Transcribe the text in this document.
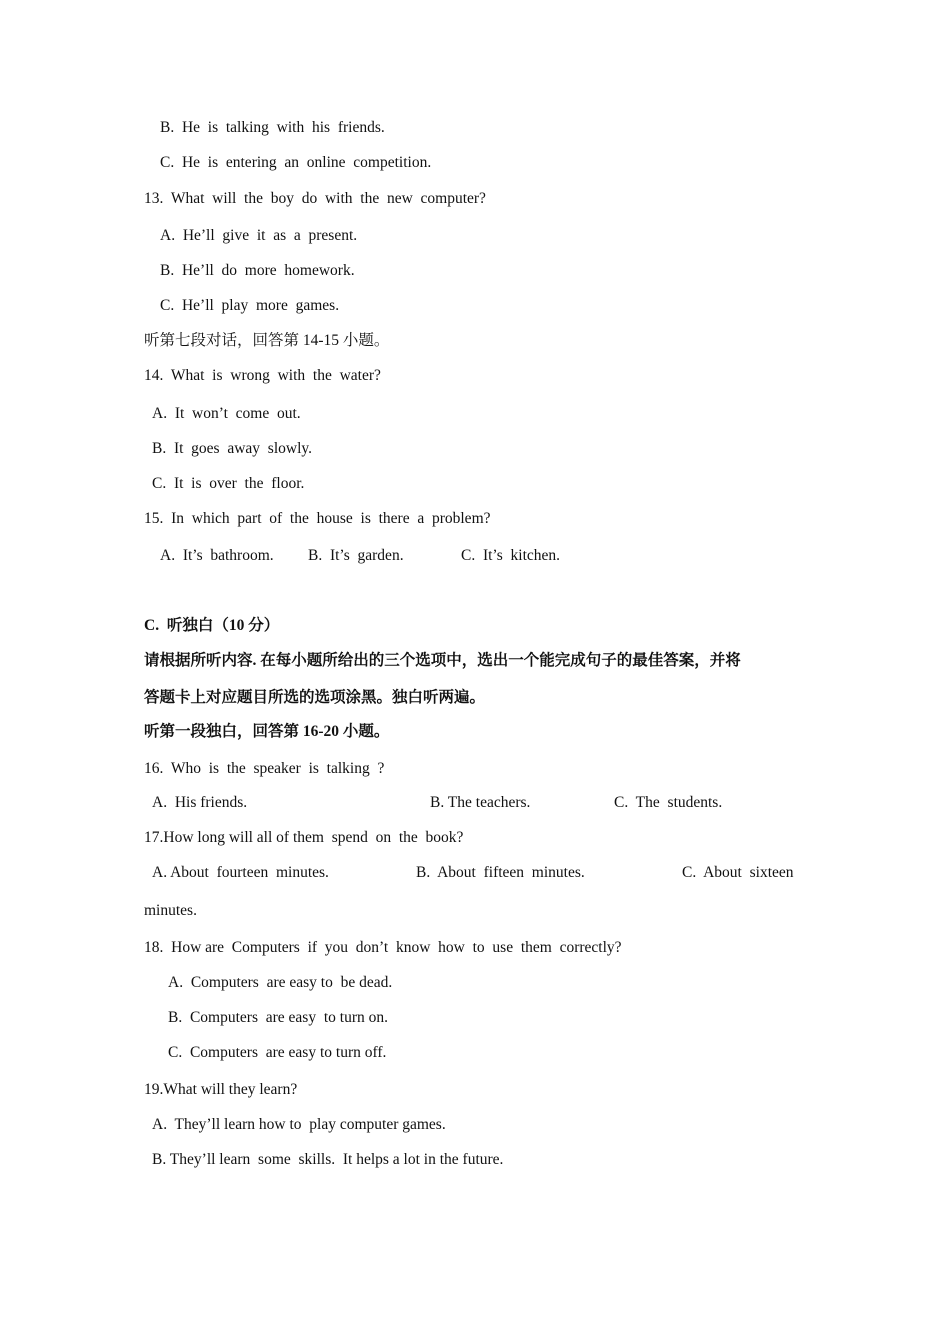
B.  He  is  talking  with  his  friends.
C.  He  is  entering  an  online  competition.
13.  What  will  the  boy  do  with  the  new  computer?
A.  He’ll  give  it  as  a  present.
B.  He’ll  do  more  homework.
C.  He’ll  play  more  games.
听第七段对话，回答第 14-15 小题。
14.  What  is  wrong  with  the  water?
A.  It  won’t  come  out.
B.  It  goes  away  slowly.
C.  It  is  over  the  floor.
15.  In  which  part  of  the  house  is  there  a  problem?
A.  It’s  bathroom. B.  It’s  garden.	C.  It’s  kitchen.
C.  听独白（10 分）
请根据所听内容. 在每小题所给出的三个选项中，选出一个能完成句子的最佳答案，并将
答题卡上对应题目所选的选项涂黑。独白听两遍。
听第一段独白，回答第 16-20 小题。
16.  Who  is  the  speaker  is  talking  ?
A.  His friends.	B. The teachers.	C.  The  students.
17.How long will all of them  spend  on  the  book?
A. About  fourteen  minutes.	B.  About  fifteen  minutes.	C.  About  sixteen
minutes.
18.  How are  Computers  if  you  don’t  know  how  to  use  them  correctly?
A.  Computers  are easy to  be dead.
B.  Computers  are easy  to turn on.
C.  Computers  are easy to turn off.
19.What will they learn?
A.  They’ll learn how to  play computer games.
B. They’ll learn  some  skills.  It helps a lot in the future.
